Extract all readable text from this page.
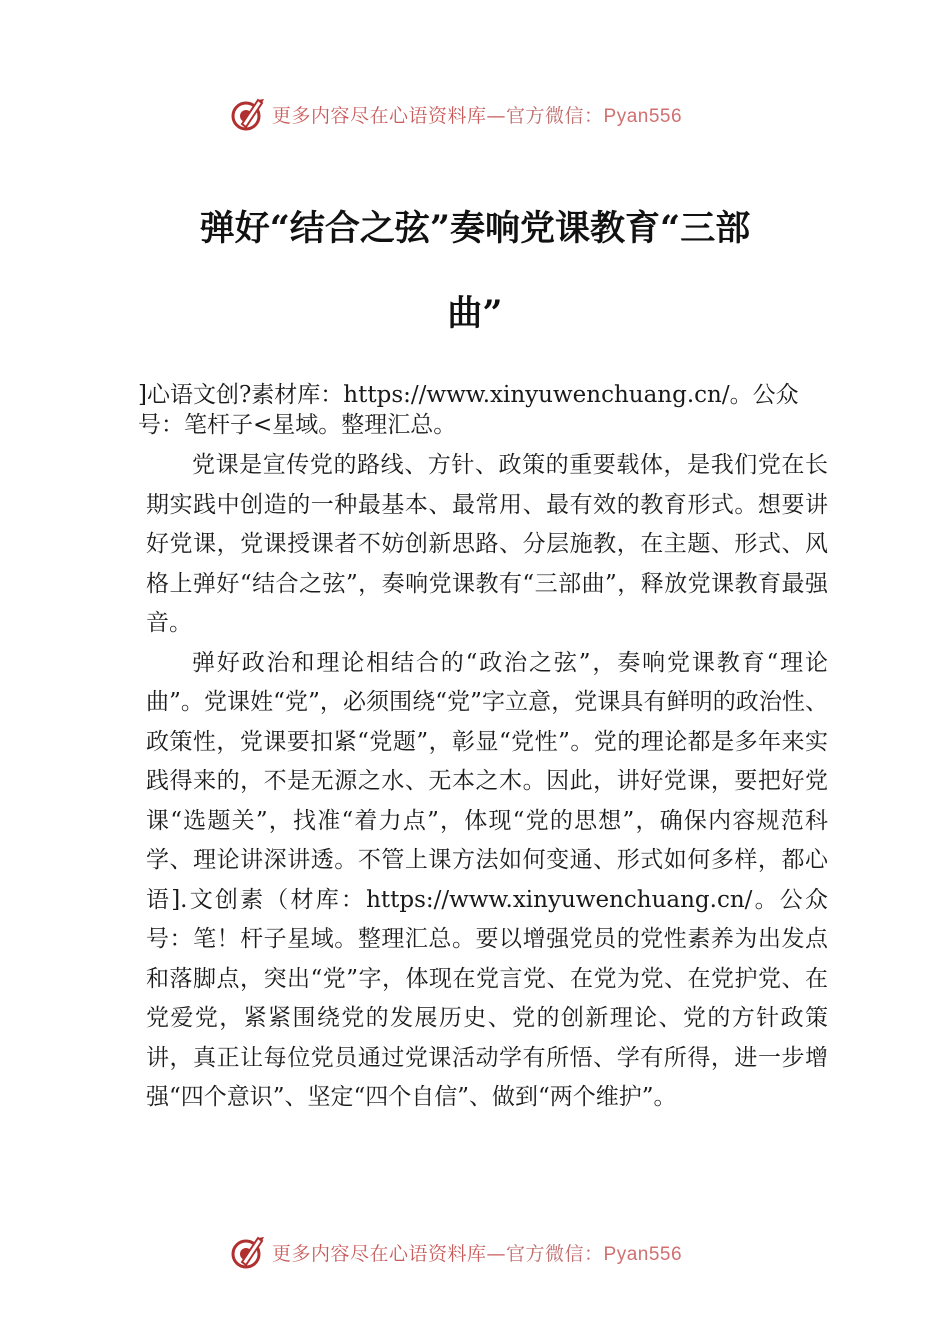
更多内容尽在心语资料库—官方微信：Pyan556
弹好“结合之弦”奏响党课教育“三部
曲”

]心语文创?素材库：https://www.xinyuwenchuang.cn/。公众号：笔杆子<星域。整理汇总。

党课是宣传党的路线、方针、政策的重要载体，是我们党在长期实践中创造的一种最基本、最常用、最有效的教育形式。想要讲好党课，党课授课者不妨创新思路、分层施教，在主题、形式、风格上弹好“结合之弦”，奏响党课教有“三部曲”，释放党课教育最强音。

弹好政治和理论相结合的“政治之弦”，奏响党课教育“理论曲”。党课姓“党”，必须围绕“党”字立意，党课具有鲜明的政治性、政策性，党课要扣紧“党题”，彰显“党性”。党的理论都是多年来实践得来的，不是无源之水、无本之木。因此，讲好党课，要把好党课“选题关”，找准“着力点”，体现“党的思想”，确保内容规范科学、理论讲深讲透。不管上课方法如何变通、形式如何多样，都心语].文创素（材库：https://www.xinyuwenchuang.cn/。公众号：笔！杆子星域。整理汇总。要以增强党员的党性素养为出发点和落脚点，突出“党”字，体现在党言党、在党为党、在党护党、在党爱党，紧紧围绕党的发展历史、党的创新理论、党的方针政策讲，真正让每位党员通过党课活动学有所悟、学有所得，进一步增强“四个意识”、坚定“四个自信”、做到“两个维护”。

更多内容尽在心语资料库—官方微信：Pyan556
